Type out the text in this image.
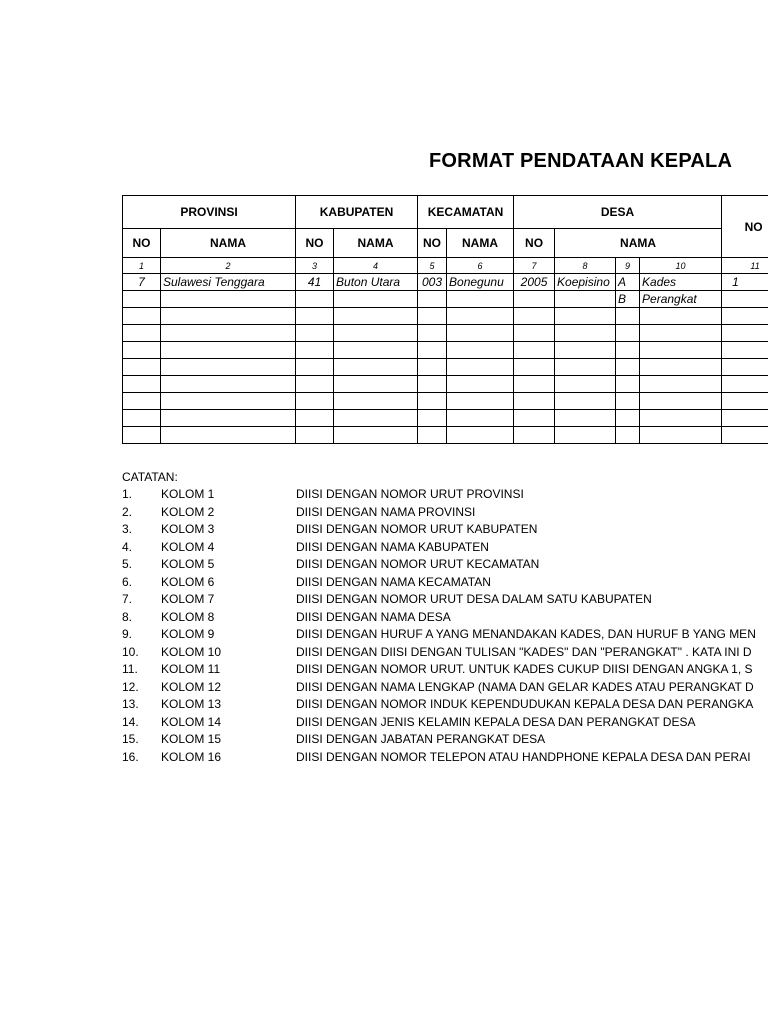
FORMAT PENDATAAN KEPALA
PROVINSI		KABUPATEN		KECAMATAN		DESA				NO
NO	NAMA	NO	NAMA	NO	NAMA	NO	NAMA			
1	2	3	4	5	6	7	8	9	10	11
7	Sulawesi Tenggara	41	Buton Utara	003	Bonegunu	2005	Koepisino	A	Kades	1
								B	Perangkat	

CATATAN:
1. KOLOM 1	DIISI DENGAN NOMOR URUT PROVINSI
2. KOLOM 2	DIISI DENGAN NAMA PROVINSI
3. KOLOM 3	DIISI DENGAN NOMOR URUT KABUPATEN
4. KOLOM 4	DIISI DENGAN NAMA KABUPATEN
5. KOLOM 5	DIISI DENGAN NOMOR URUT KECAMATAN
6. KOLOM 6	DIISI DENGAN NAMA KECAMATAN
7. KOLOM 7	DIISI DENGAN NOMOR URUT DESA DALAM SATU KABUPATEN
8. KOLOM 8	DIISI DENGAN NAMA DESA
9. KOLOM 9	DIISI DENGAN HURUF A YANG MENANDAKAN KADES, DAN HURUF B YANG MEN
10. KOLOM 10	DIISI DENGAN DIISI DENGAN TULISAN "KADES" DAN "PERANGKAT" . KATA INI D
11. KOLOM 11	DIISI DENGAN NOMOR URUT. UNTUK KADES CUKUP DIISI DENGAN ANGKA 1, S
12. KOLOM 12	DIISI DENGAN NAMA LENGKAP (NAMA DAN GELAR KADES ATAU PERANGKAT D
13. KOLOM 13	DIISI DENGAN NOMOR INDUK KEPENDUDUKAN KEPALA DESA DAN PERANGKA
14. KOLOM 14	DIISI DENGAN JENIS KELAMIN KEPALA DESA DAN PERANGKAT DESA
15. KOLOM 15	DIISI DENGAN JABATAN PERANGKAT DESA
16. KOLOM 16	DIISI DENGAN NOMOR TELEPON ATAU HANDPHONE KEPALA DESA DAN PERAI
